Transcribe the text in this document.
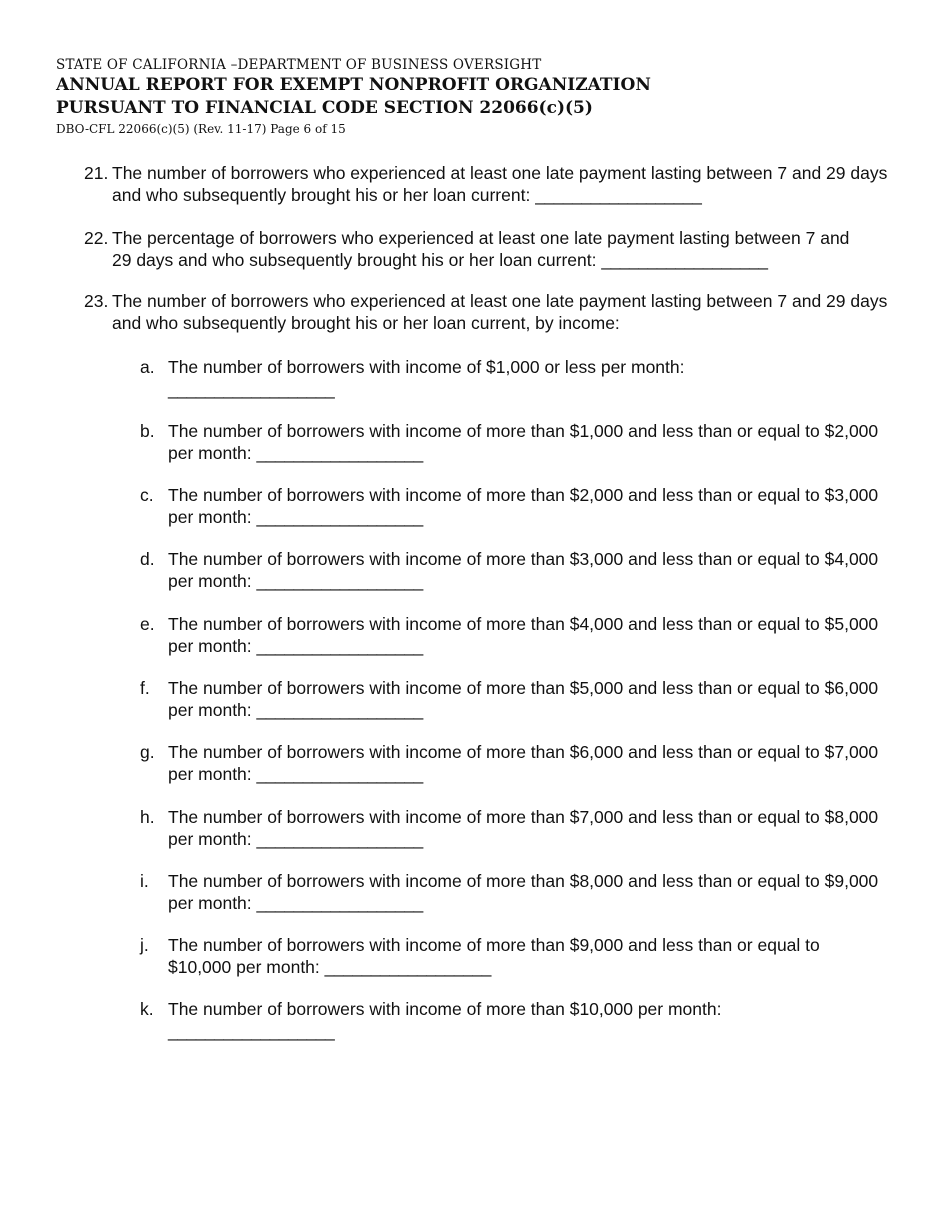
STATE OF CALIFORNIA –DEPARTMENT OF BUSINESS OVERSIGHT
ANNUAL REPORT FOR EXEMPT NONPROFIT ORGANIZATION
PURSUANT TO FINANCIAL CODE SECTION 22066(c)(5)
DBO-CFL 22066(c)(5) (Rev. 11-17) Page 6 of 15
21. The number of borrowers who experienced at least one late payment lasting between 7 and 29 days and who subsequently brought his or her loan current: __________________
22. The percentage of borrowers who experienced at least one late payment lasting between 7 and 29 days and who subsequently brought his or her loan current: __________________
23. The number of borrowers who experienced at least one late payment lasting between 7 and 29 days and who subsequently brought his or her loan current, by income:
a. The number of borrowers with income of $1,000 or less per month: __________________
b. The number of borrowers with income of more than $1,000 and less than or equal to $2,000 per month: __________________
c. The number of borrowers with income of more than $2,000 and less than or equal to $3,000 per month: __________________
d. The number of borrowers with income of more than $3,000 and less than or equal to $4,000 per month: __________________
e. The number of borrowers with income of more than $4,000 and less than or equal to $5,000 per month: __________________
f. The number of borrowers with income of more than $5,000 and less than or equal to $6,000 per month: __________________
g. The number of borrowers with income of more than $6,000 and less than or equal to $7,000 per month: __________________
h. The number of borrowers with income of more than $7,000 and less than or equal to $8,000 per month: __________________
i. The number of borrowers with income of more than $8,000 and less than or equal to $9,000 per month: __________________
j. The number of borrowers with income of more than $9,000 and less than or equal to $10,000 per month: __________________
k. The number of borrowers with income of more than $10,000 per month: __________________
